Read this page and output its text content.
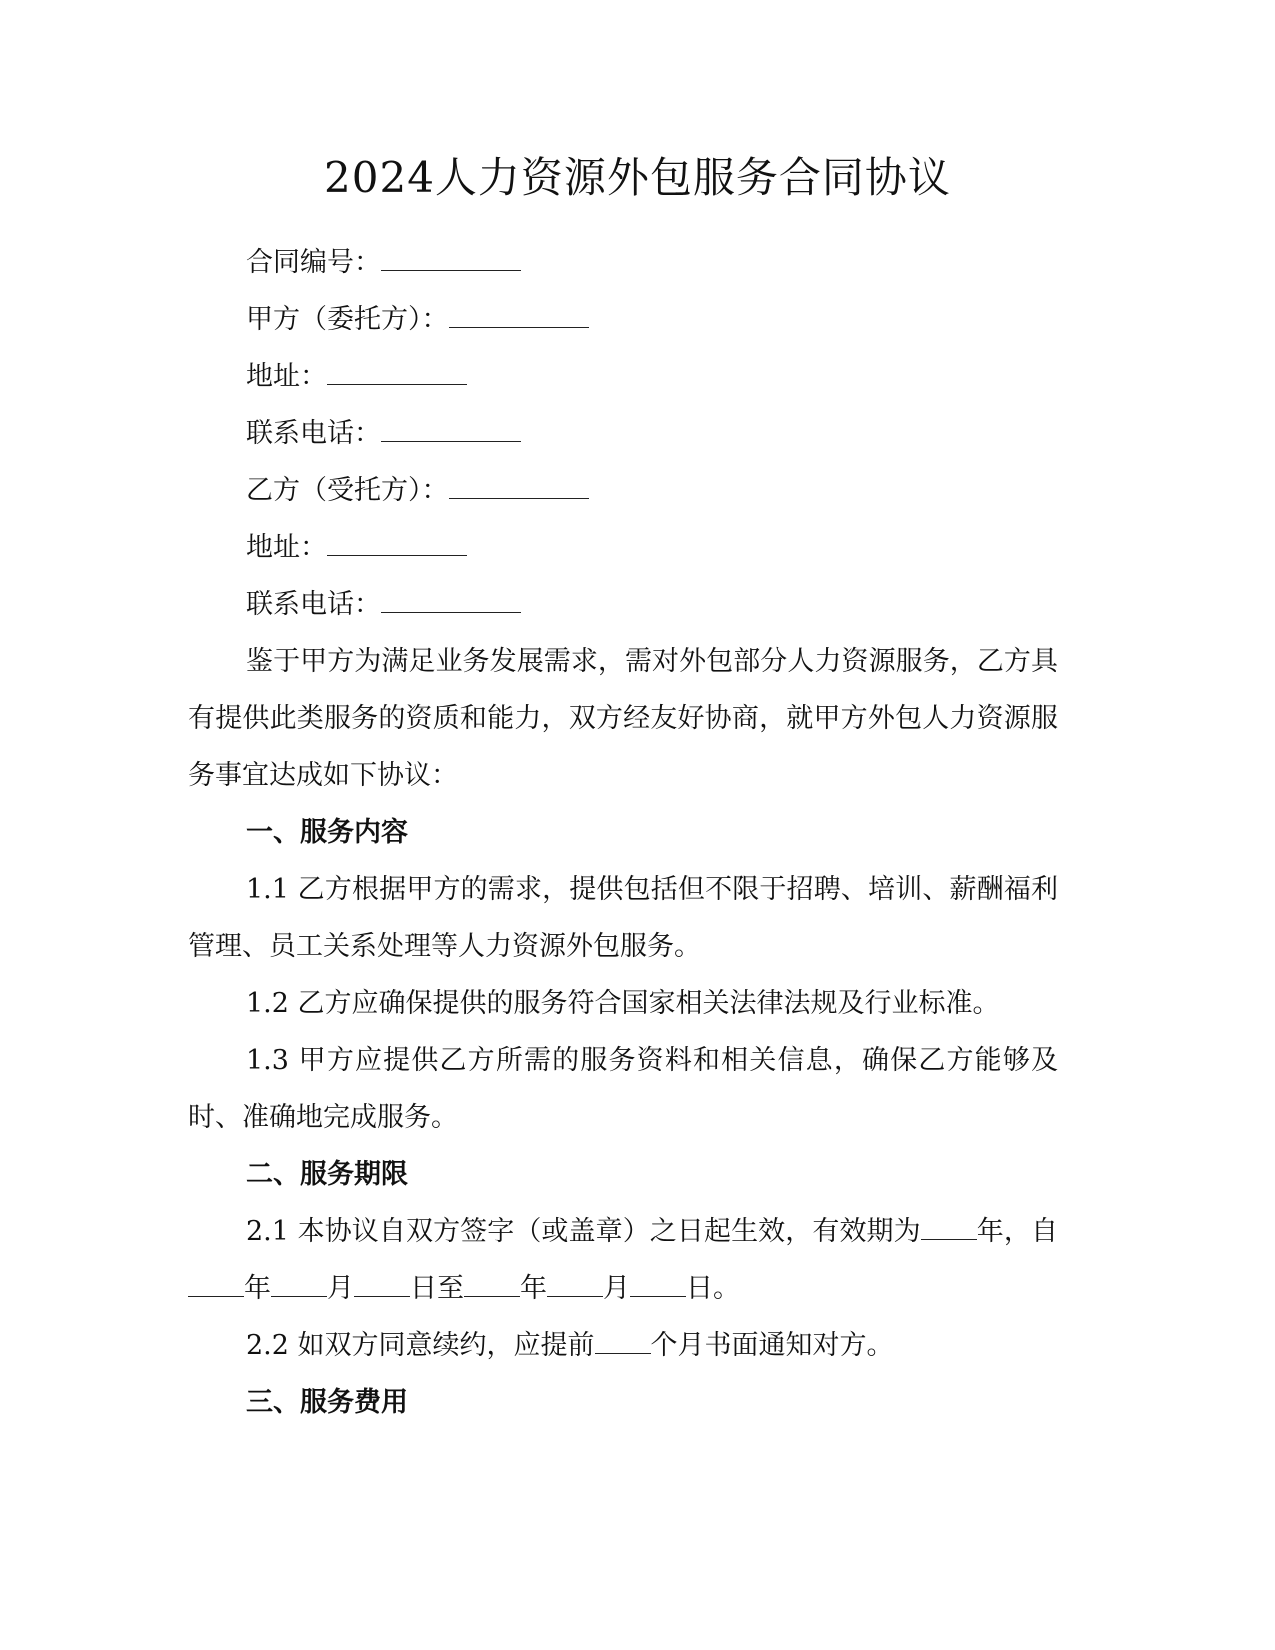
2024人力资源外包服务合同协议
合同编号：
甲方（委托方）：
地址：
联系电话：
乙方（受托方）：
地址：
联系电话：
鉴于甲方为满足业务发展需求，需对外包部分人力资源服务，乙方具有提供此类服务的资质和能力，双方经友好协商，就甲方外包人力资源服务事宜达成如下协议：
一、服务内容
1.1 乙方根据甲方的需求，提供包括但不限于招聘、培训、薪酬福利管理、员工关系处理等人力资源外包服务。
1.2 乙方应确保提供的服务符合国家相关法律法规及行业标准。
1.3 甲方应提供乙方所需的服务资料和相关信息，确保乙方能够及时、准确地完成服务。
二、服务期限
2.1 本协议自双方签字（或盖章）之日起生效，有效期为 年，自年 月 日至 年 月 日。
2.2 如双方同意续约，应提前 个月书面通知对方。
三、服务费用
